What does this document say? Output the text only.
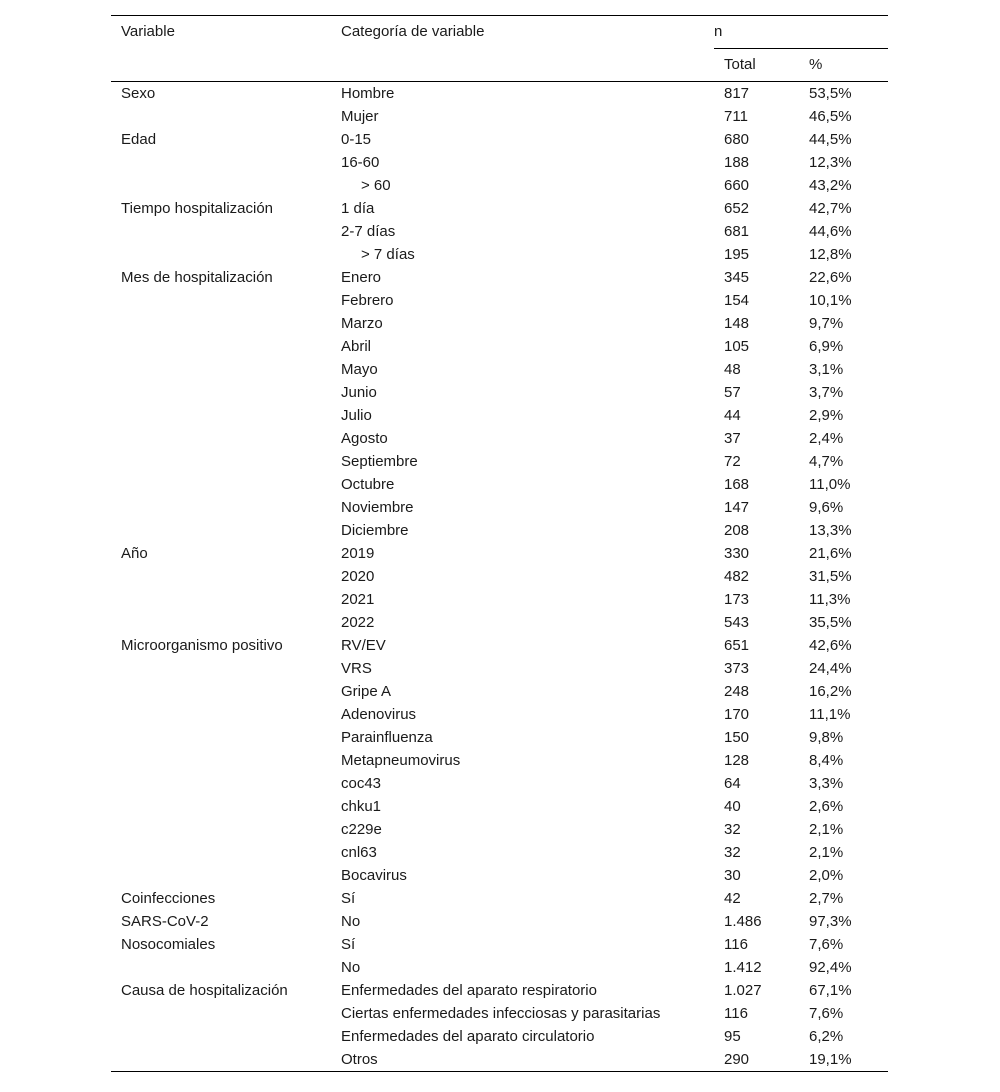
Variable	Categoría de variable	n	
		Total	%
Sexo	Hombre	817	53,5%
	Mujer	711	46,5%
Edad	0-15	680	44,5%
	16-60	188	12,3%
	> 60	660	43,2%
Tiempo hospitalización	1 día	652	42,7%
	2-7 días	681	44,6%
	> 7 días	195	12,8%
Mes de hospitalización	Enero	345	22,6%
	Febrero	154	10,1%
	Marzo	148	9,7%
	Abril	105	6,9%
	Mayo	48	3,1%
	Junio	57	3,7%
	Julio	44	2,9%
	Agosto	37	2,4%
	Septiembre	72	4,7%
	Octubre	168	11,0%
	Noviembre	147	9,6%
	Diciembre	208	13,3%
Año	2019	330	21,6%
	2020	482	31,5%
	2021	173	11,3%
	2022	543	35,5%
Microorganismo positivo	RV/EV	651	42,6%
	VRS	373	24,4%
	Gripe A	248	16,2%
	Adenovirus	170	11,1%
	Parainfluenza	150	9,8%
	Metapneumovirus	128	8,4%
	coc43	64	3,3%
	chku1	40	2,6%
	c229e	32	2,1%
	cnl63	32	2,1%
	Bocavirus	30	2,0%
Coinfecciones	Sí	42	2,7%
SARS-CoV-2	No	1.486	97,3%
Nosocomiales	Sí	116	7,6%
	No	1.412	92,4%
Causa de hospitalización	Enfermedades del aparato respiratorio	1.027	67,1%
	Ciertas enfermedades infecciosas y parasitarias	116	7,6%
	Enfermedades del aparato circulatorio	95	6,2%
	Otros	290	19,1%
